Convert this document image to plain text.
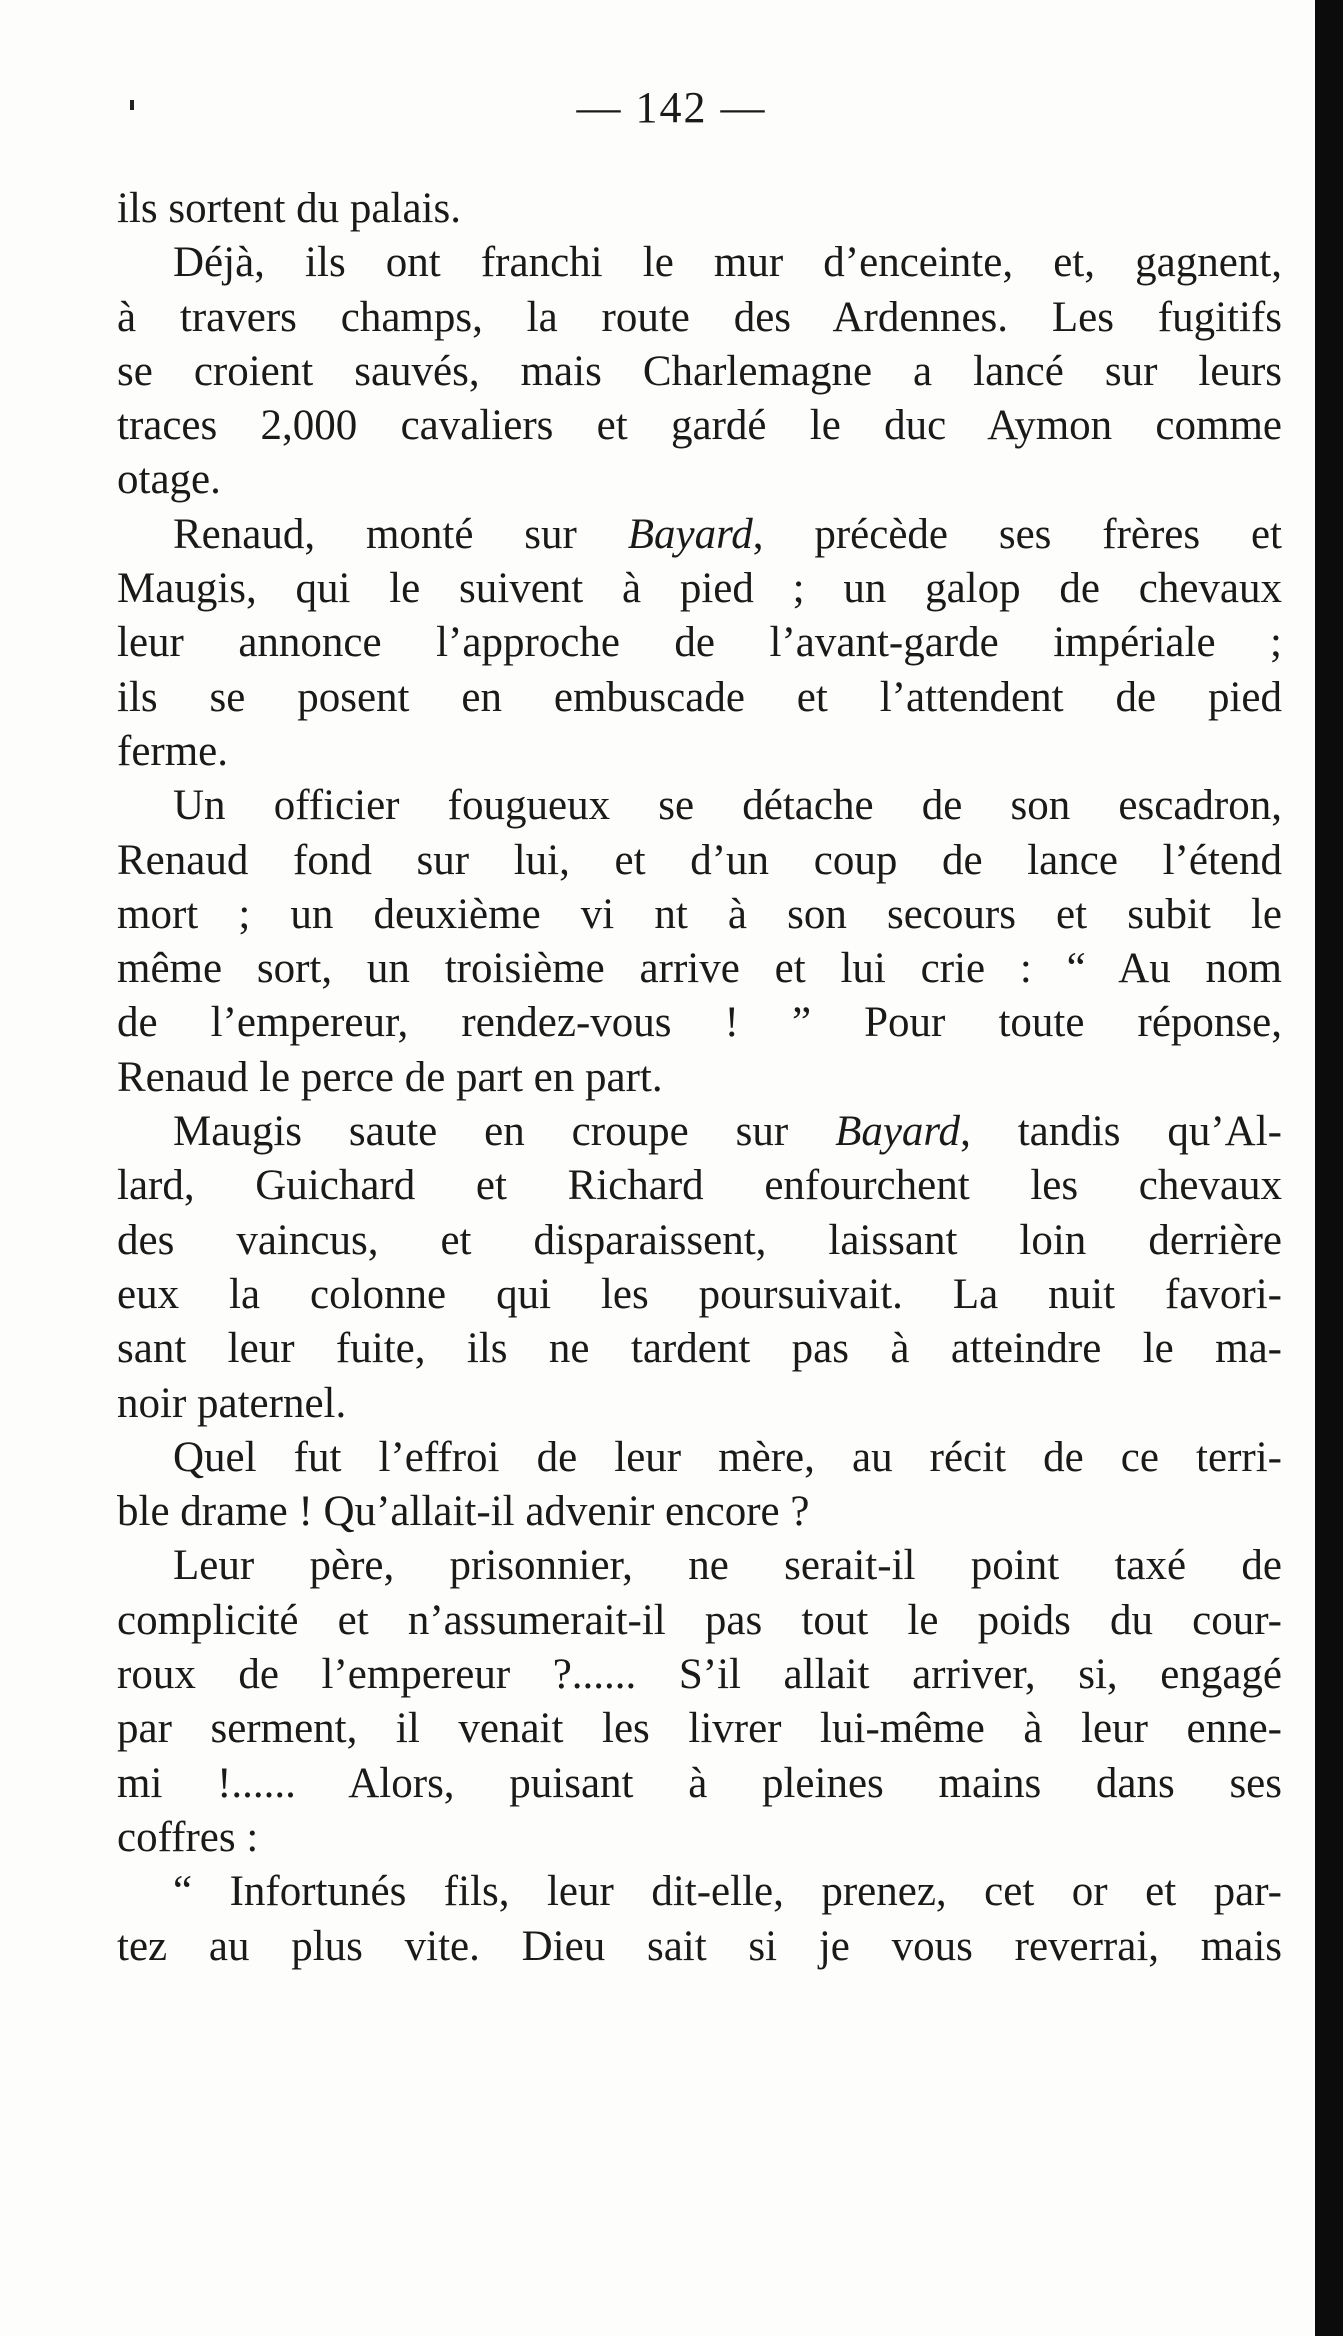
— 142 —
ils sortent du palais.
Déjà, ils ont franchi le mur d’enceinte, et, gagnent,
à travers champs, la route des Ardennes. Les fugitifs
se croient sauvés, mais Charlemagne a lancé sur leurs
traces 2,000 cavaliers et gardé le duc Aymon comme
otage.
Renaud, monté sur Bayard, précède ses frères et
Maugis, qui le suivent à pied ; un galop de chevaux
leur annonce l’approche de l’avant-garde impériale ;
ils se posent en embuscade et l’attendent de pied
ferme.
Un officier fougueux se détache de son escadron,
Renaud fond sur lui, et d’un coup de lance l’étend
mort ; un deuxième vi nt à son secours et subit le
même sort, un troisième arrive et lui crie : “ Au nom
de l’empereur, rendez-vous ! ” Pour toute réponse,
Renaud le perce de part en part.
Maugis saute en croupe sur Bayard, tandis qu’Al-
lard, Guichard et Richard enfourchent les chevaux
des vaincus, et disparaissent, laissant loin derrière
eux la colonne qui les poursuivait. La nuit favori-
sant leur fuite, ils ne tardent pas à atteindre le ma-
noir paternel.
Quel fut l’effroi de leur mère, au récit de ce terri-
ble drame ! Qu’allait-il advenir encore ?
Leur père, prisonnier, ne serait-il point taxé de
complicité et n’assumerait-il pas tout le poids du cour-
roux de l’empereur ?...... S’il allait arriver, si, engagé
par serment, il venait les livrer lui-même à leur enne-
mi !...... Alors, puisant à pleines mains dans ses
coffres :
“ Infortunés fils, leur dit-elle, prenez, cet or et par-
tez au plus vite. Dieu sait si je vous reverrai, mais
